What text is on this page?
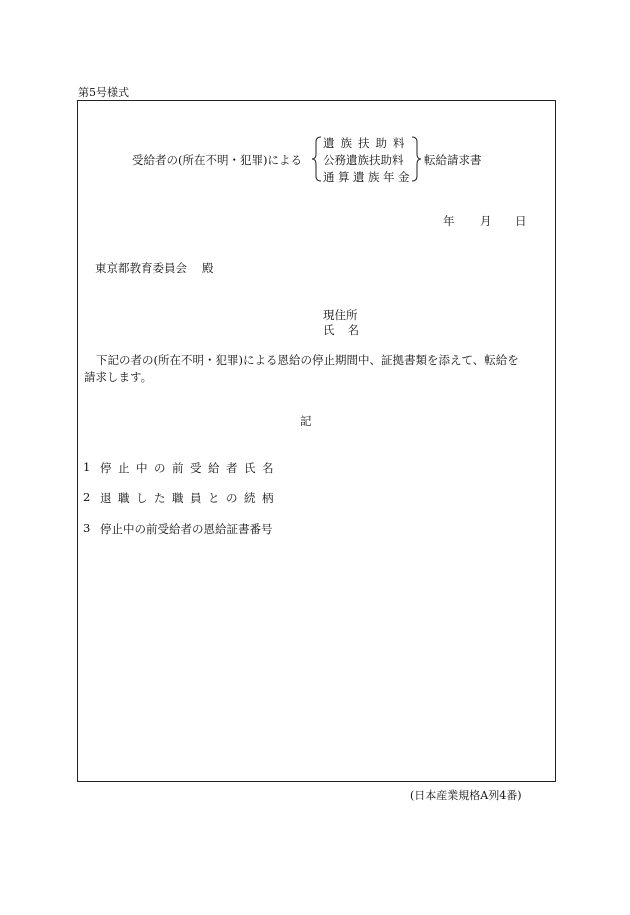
第5号様式
受給者の(所在不明・犯罪)による
遺族扶助料
公務遺族扶助料
通算遺族年金
転給請求書
年 月 日
東京都教育委員会 殿
現住所
氏名
下記の者の(所在不明・犯罪)による恩給の停止期間中、証拠書類を添えて、転給を請求します。
記
1 停止中の前受給者氏名
2 退職した職員との続柄
3 停止中の前受給者の恩給証書番号
(日本産業規格A列4番)
